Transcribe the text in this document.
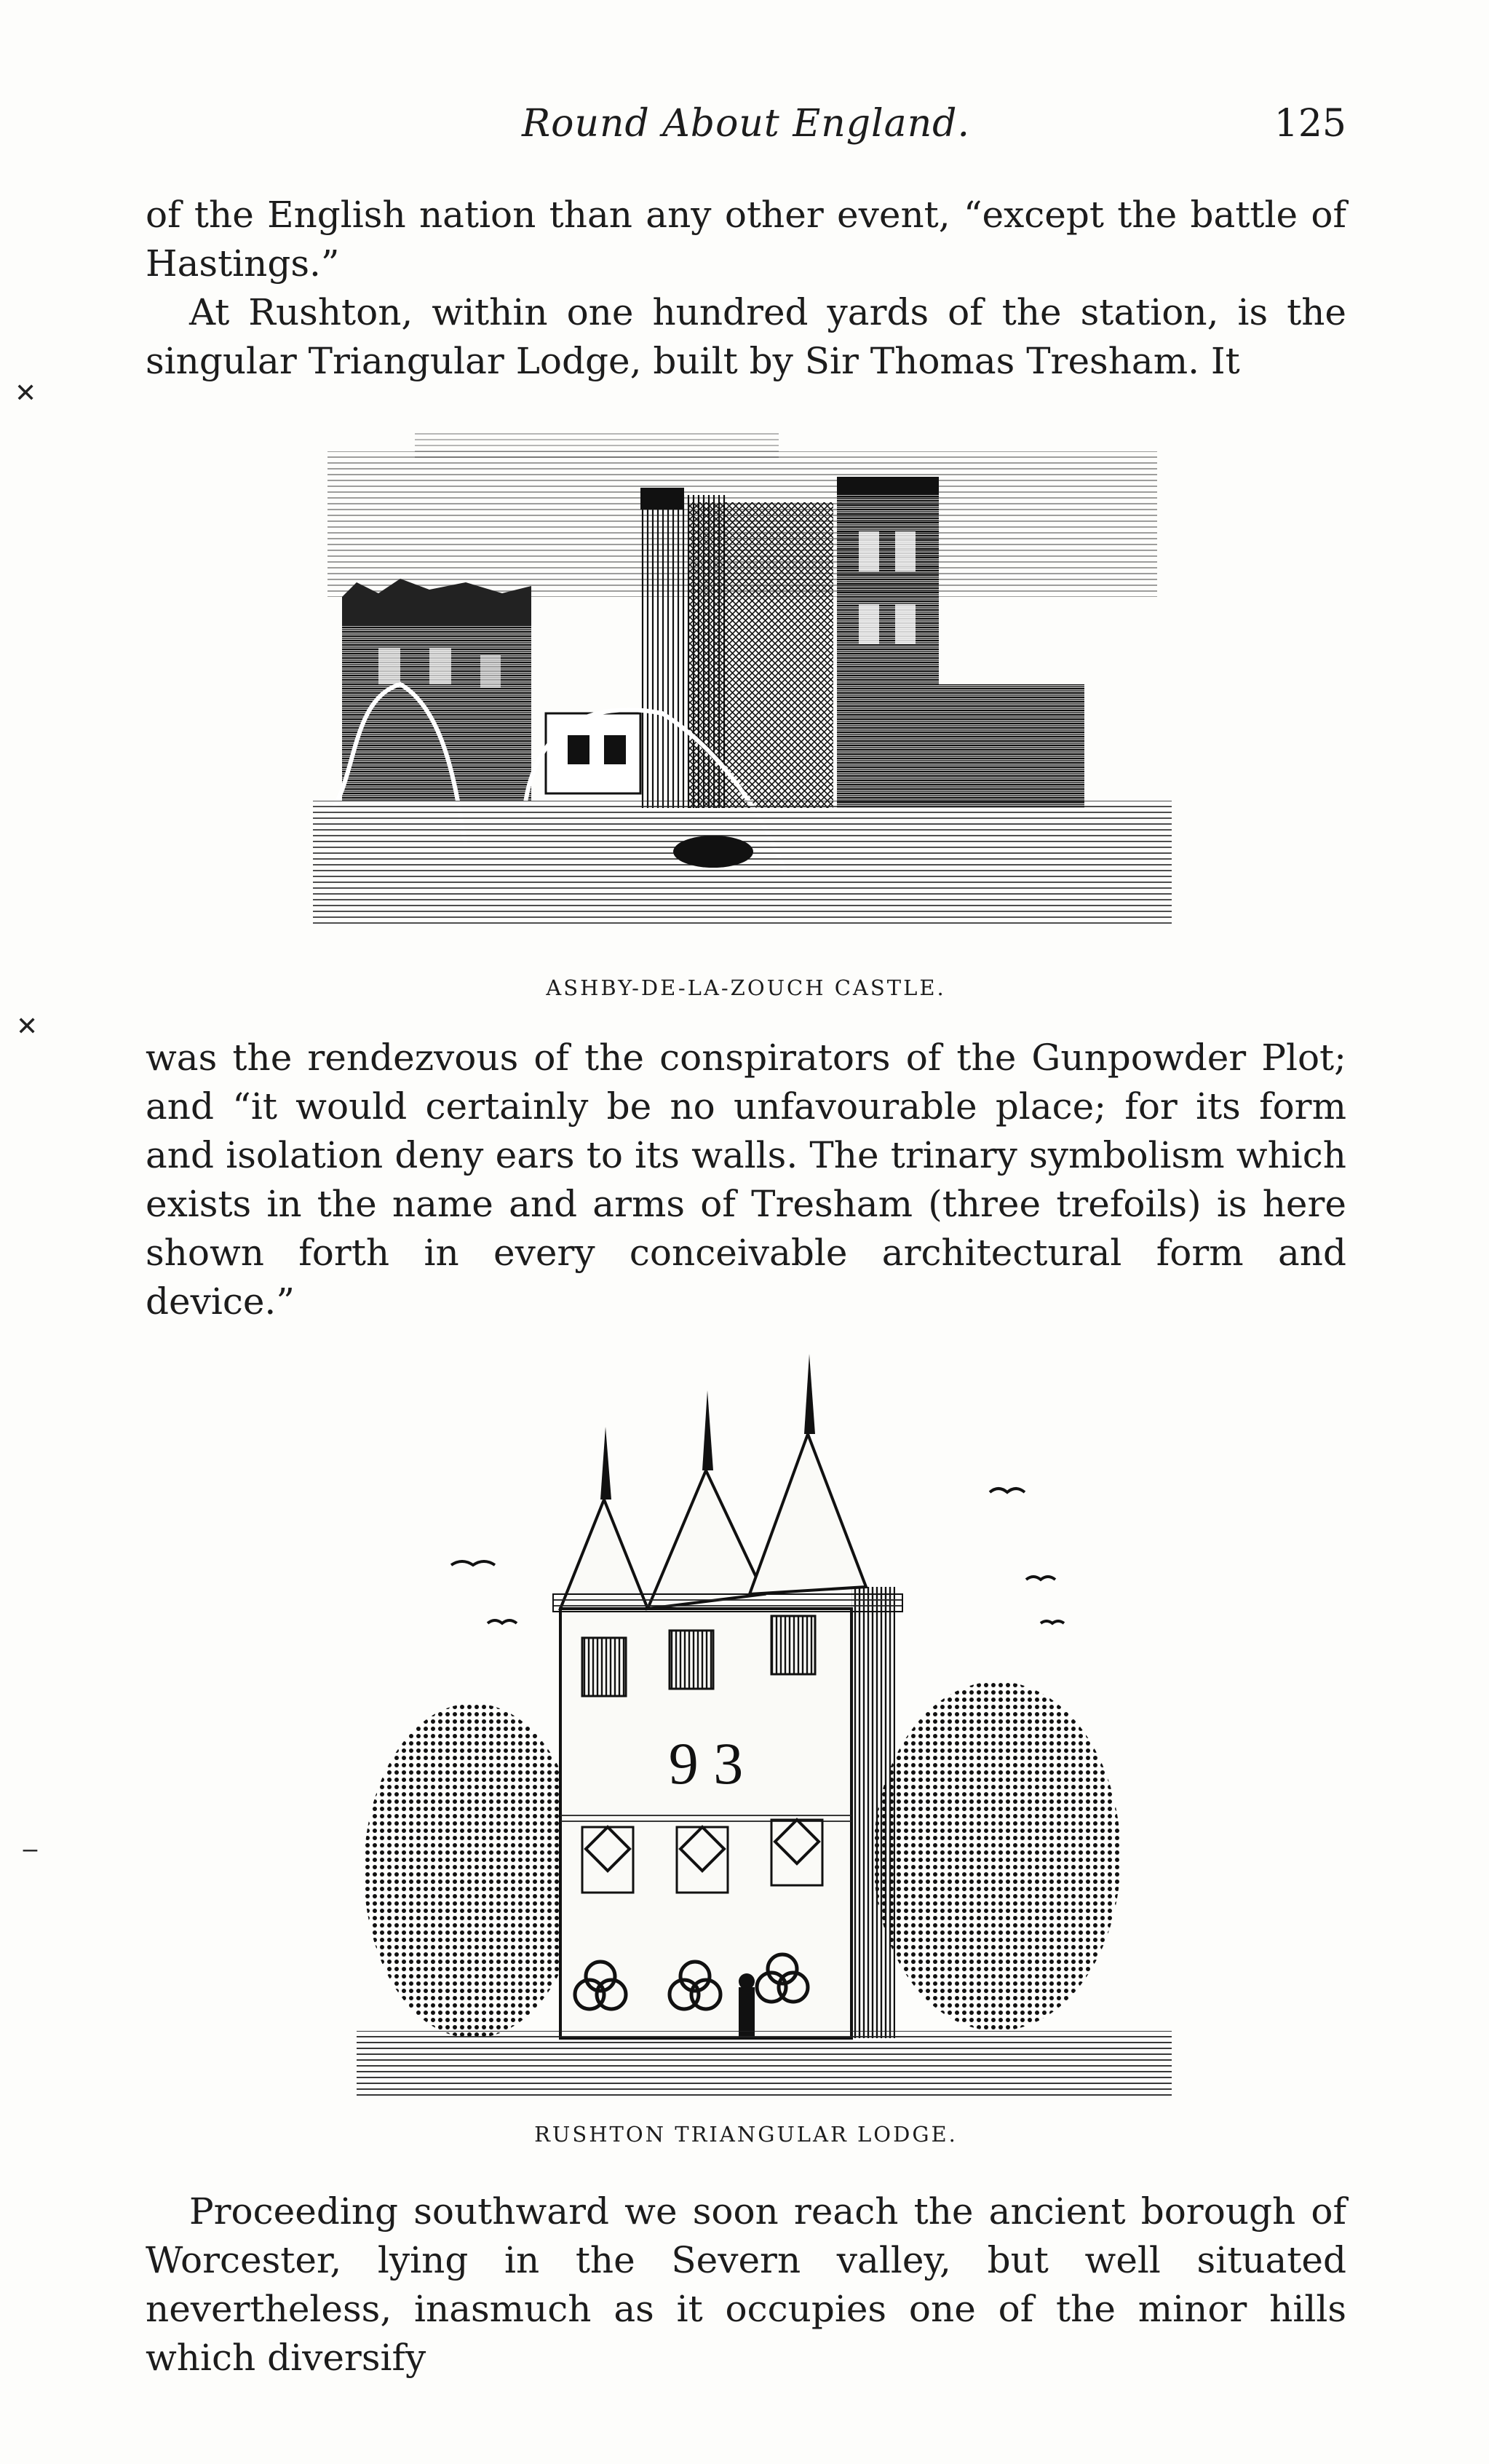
Round About England.	125

of the English nation than any other event, “except the battle of Hastings.”

At Rushton, within one hundred yards of the station, is the singular Triangular Lodge, built by Sir Thomas Tresham. It

ASHBY-DE-LA-ZOUCH CASTLE.

was the rendezvous of the conspirators of the Gunpowder Plot; and “it would certainly be no unfavourable place; for its form and isolation deny ears to its walls. The trinary symbolism which exists in the name and arms of Tresham (three trefoils) is here shown forth in every conceivable architectural form and device.”

9 3
RUSHTON TRIANGULAR LODGE.

Proceeding southward we soon reach the ancient borough of Worcester, lying in the Severn valley, but well situated nevertheless, inasmuch as it occupies one of the minor hills which diversify

✕
✕
‒
